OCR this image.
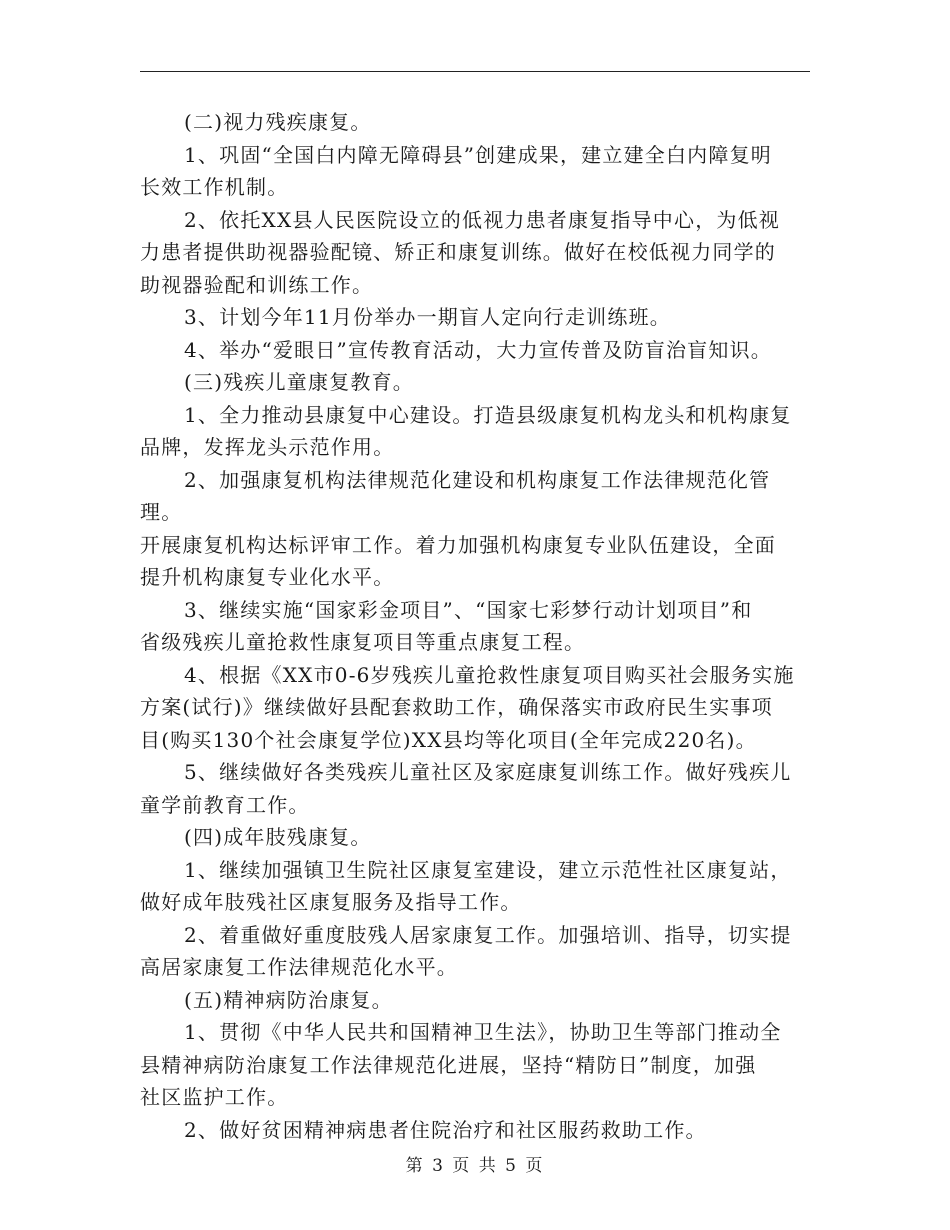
(二)视力残疾康复。

1、巩固“全国白内障无障碍县”创建成果，建立建全白内障复明
长效工作机制。

2、依托XX县人民医院设立的低视力患者康复指导中心，为低视
力患者提供助视器验配镜、矫正和康复训练。做好在校低视力同学的
助视器验配和训练工作。

3、计划今年11月份举办一期盲人定向行走训练班。

4、举办“爱眼日”宣传教育活动，大力宣传普及防盲治盲知识。

(三)残疾儿童康复教育。

1、全力推动县康复中心建设。打造县级康复机构龙头和机构康复
品牌，发挥龙头示范作用。

2、加强康复机构法律规范化建设和机构康复工作法律规范化管理。
开展康复机构达标评审工作。着力加强机构康复专业队伍建设，全面
提升机构康复专业化水平。

3、继续实施“国家彩金项目”、“国家七彩梦行动计划项目”和
省级残疾儿童抢救性康复项目等重点康复工程。

4、根据《XX市0-6岁残疾儿童抢救性康复项目购买社会服务实施
方案(试行)》继续做好县配套救助工作，确保落实市政府民生实事项
目(购买130个社会康复学位)XX县均等化项目(全年完成220名)。

5、继续做好各类残疾儿童社区及家庭康复训练工作。做好残疾儿
童学前教育工作。

(四)成年肢残康复。

1、继续加强镇卫生院社区康复室建设，建立示范性社区康复站，
做好成年肢残社区康复服务及指导工作。

2、着重做好重度肢残人居家康复工作。加强培训、指导，切实提
高居家康复工作法律规范化水平。

(五)精神病防治康复。

1、贯彻《中华人民共和国精神卫生法》，协助卫生等部门推动全
县精神病防治康复工作法律规范化进展，坚持“精防日”制度，加强
社区监护工作。

2、做好贫困精神病患者住院治疗和社区服药救助工作。

第 3 页 共 5 页
